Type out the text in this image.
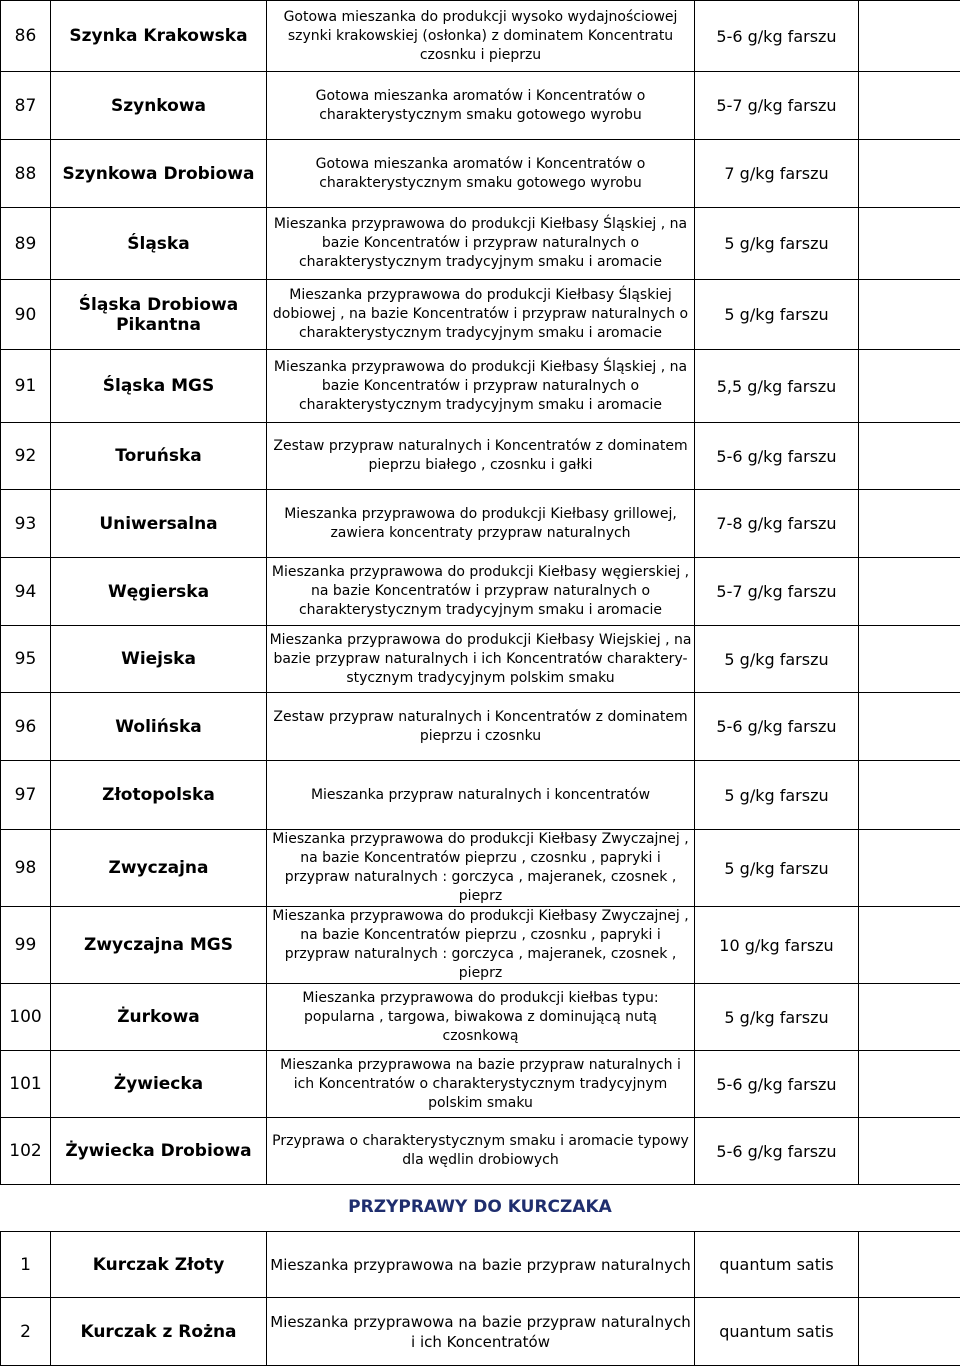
86	Szynka Krakowska	Gotowa mieszanka do produkcji wysoko wydajnościowej szynki krakowskiej (osłonka) z dominatem Koncentratu czosnku i pieprzu	5-6 g/kg farszu	
87	Szynkowa	Gotowa mieszanka aromatów i Koncentratów o charakterystycznym smaku gotowego wyrobu	5-7 g/kg farszu	
88	Szynkowa Drobiowa	Gotowa mieszanka aromatów i Koncentratów o charakterystycznym smaku gotowego wyrobu	7 g/kg farszu	
89	Śląska	Mieszanka przyprawowa do produkcji Kiełbasy Śląskiej , na bazie Koncentratów i przypraw naturalnych o charakterystycznym tradycyjnym smaku i aromacie	5 g/kg farszu	
90	Śląska Drobiowa Pikantna	Mieszanka przyprawowa do produkcji Kiełbasy Śląskiej dobiowej , na bazie Koncentratów i przypraw naturalnych o charakterystycznym tradycyjnym smaku i aromacie	5 g/kg farszu	
91	Śląska MGS	Mieszanka przyprawowa do produkcji Kiełbasy Śląskiej , na bazie Koncentratów i przypraw naturalnych o charakterystycznym tradycyjnym smaku i aromacie	5,5 g/kg farszu	
92	Toruńska	Zestaw przypraw naturalnych i Koncentratów z dominatem pieprzu białego , czosnku i gałki	5-6 g/kg farszu	
93	Uniwersalna	Mieszanka przyprawowa do produkcji Kiełbasy grillowej, zawiera koncentraty przypraw naturalnych	7-8 g/kg farszu	
94	Węgierska	Mieszanka przyprawowa do produkcji Kiełbasy węgierskiej , na bazie Koncentratów i przypraw naturalnych o charakterystycznym tradycyjnym smaku i aromacie	5-7 g/kg farszu	
95	Wiejska	Mieszanka przyprawowa do produkcji Kiełbasy Wiejskiej , na bazie przypraw naturalnych i ich Koncentratów charaktery- stycznym tradycyjnym polskim smaku	5 g/kg farszu	
96	Wolińska	Zestaw przypraw naturalnych i Koncentratów z dominatem pieprzu i czosnku	5-6 g/kg farszu	
97	Złotopolska	Mieszanka przypraw naturalnych i koncentratów	5 g/kg farszu	
98	Zwyczajna	Mieszanka przyprawowa do produkcji Kiełbasy Zwyczajnej , na bazie Koncentratów pieprzu , czosnku , papryki i przypraw naturalnych : gorczyca , majeranek, czosnek , pieprz	5 g/kg farszu	
99	Zwyczajna MGS	Mieszanka przyprawowa do produkcji Kiełbasy Zwyczajnej , na bazie Koncentratów pieprzu , czosnku , papryki i przypraw naturalnych : gorczyca , majeranek, czosnek , pieprz	10 g/kg farszu	
100	Żurkowa	Mieszanka przyprawowa do produkcji kiełbas typu: popularna , targowa, biwakowa z dominującą nutą czosnkową	5 g/kg farszu	
101	Żywiecka	Mieszanka przyprawowa na bazie przypraw naturalnych i ich Koncentratów o charakterystycznym tradycyjnym polskim smaku	5-6 g/kg farszu	
102	Żywiecka Drobiowa	Przyprawa o charakterystycznym smaku i aromacie typowy dla wędlin drobiowych	5-6 g/kg farszu	
PRZYPRAWY DO KURCZAKA
1	Kurczak Złoty	Mieszanka przyprawowa na bazie przypraw naturalnych	quantum satis	
2	Kurczak z Rożna	Mieszanka przyprawowa na bazie przypraw naturalnych i ich Koncentratów	quantum satis	
